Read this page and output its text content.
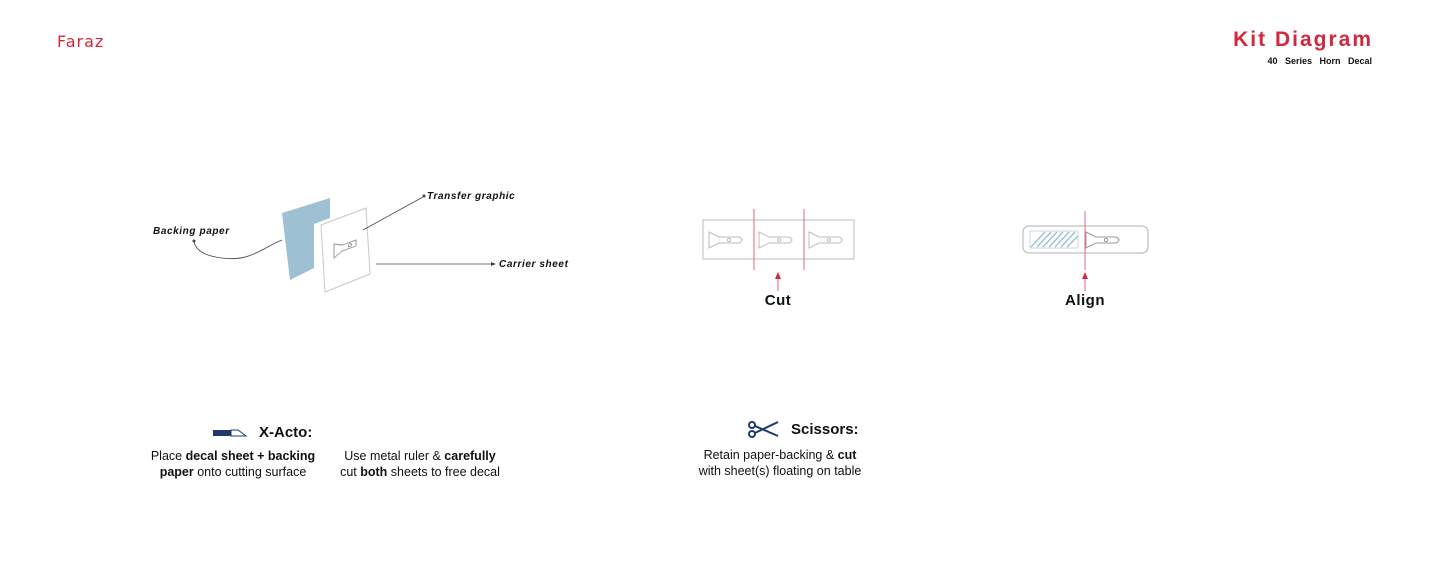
Faraz	Kit Diagram
40 Series Horn Decal
Backing paper
Transfer graphic
Carrier sheet
Cut	Align
X-Acto:
Place decal sheet + backing
paper onto cutting surface
Use metal ruler & carefully
cut both sheets to free decal
Scissors:
Retain paper-backing & cut
with sheet(s) floating on table
